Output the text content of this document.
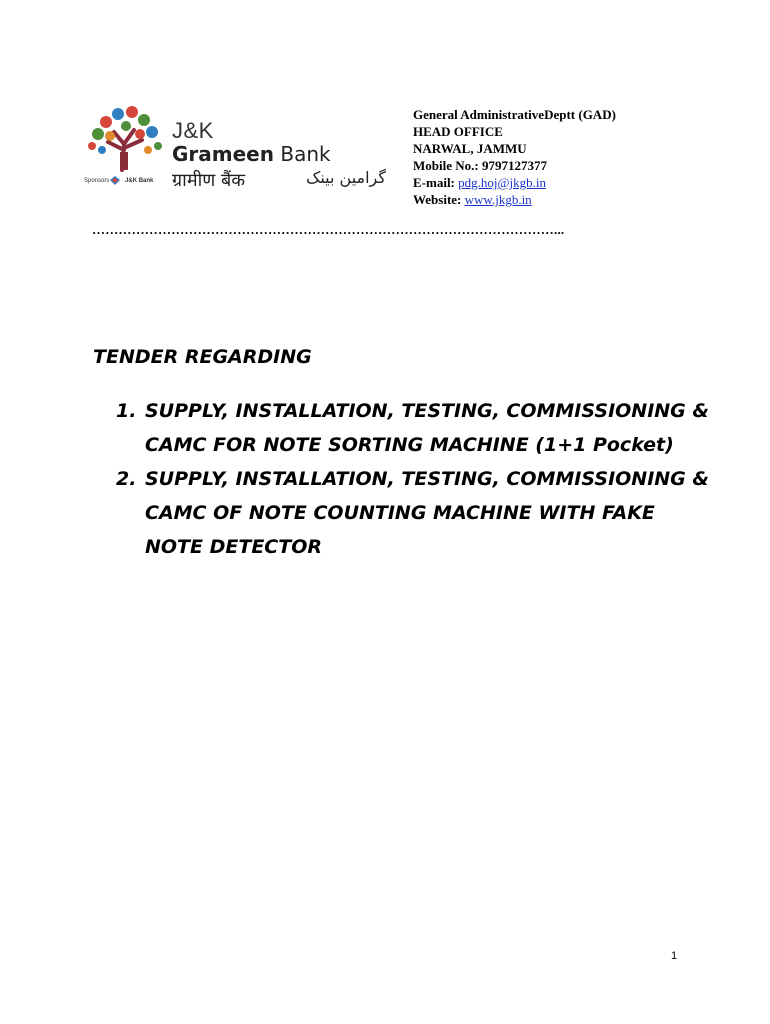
J&K
Grameen Bank
ग्रामीण बैंक	گرامین بینک
Sponsors	J&K Bank
General AdministrativeDeptt (GAD)
HEAD OFFICE
NARWAL, JAMMU
Mobile No.: 9797127377
E-mail: pdg.hoj@jkgb.in
Website: www.jkgb.in
……………………………………………………………………………………………...
TENDER REGARDING
1. SUPPLY, INSTALLATION, TESTING, COMMISSIONING & CAMC FOR NOTE SORTING MACHINE (1+1 Pocket)
2. SUPPLY, INSTALLATION, TESTING, COMMISSIONING & CAMC OF NOTE COUNTING MACHINE WITH FAKE NOTE DETECTOR
1
